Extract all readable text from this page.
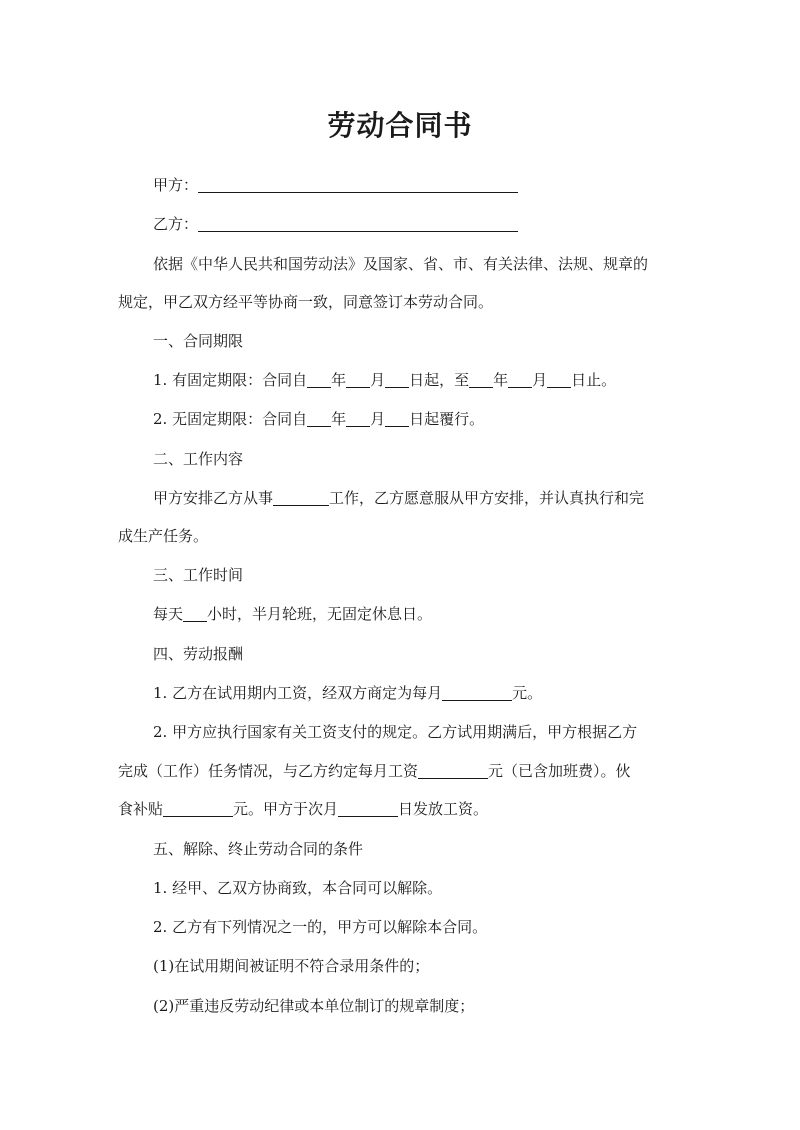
劳动合同书
甲方：
乙方：
依据《中华人民共和国劳动法》及国家、省、市、有关法律、法规、规章的
规定，甲乙双方经平等协商一致，同意签订本劳动合同。
一、合同期限
1. 有固定期限：合同自 年 月 日起，至 年 月 日止。
2. 无固定期限：合同自 年 月 日起覆行。
二、工作内容
甲方安排乙方从事	工作，乙方愿意服从甲方安排，并认真执行和完
成生产任务。
三、工作时间
每天 小时，半月轮班，无固定休息日。
四、劳动报酬
1. 乙方在试用期内工资，经双方商定为每月	元。
2. 甲方应执行国家有关工资支付的规定。乙方试用期满后，甲方根据乙方
完成（工作）任务情况，与乙方约定每月工资	元（已含加班费）。伙
食补贴	元。甲方于次月	日发放工资。
五、解除、终止劳动合同的条件
1. 经甲、乙双方协商致，本合同可以解除。
2. 乙方有下列情况之一的，甲方可以解除本合同。
(1)在试用期间被证明不符合录用条件的；
(2)严重违反劳动纪律或本单位制订的规章制度；
